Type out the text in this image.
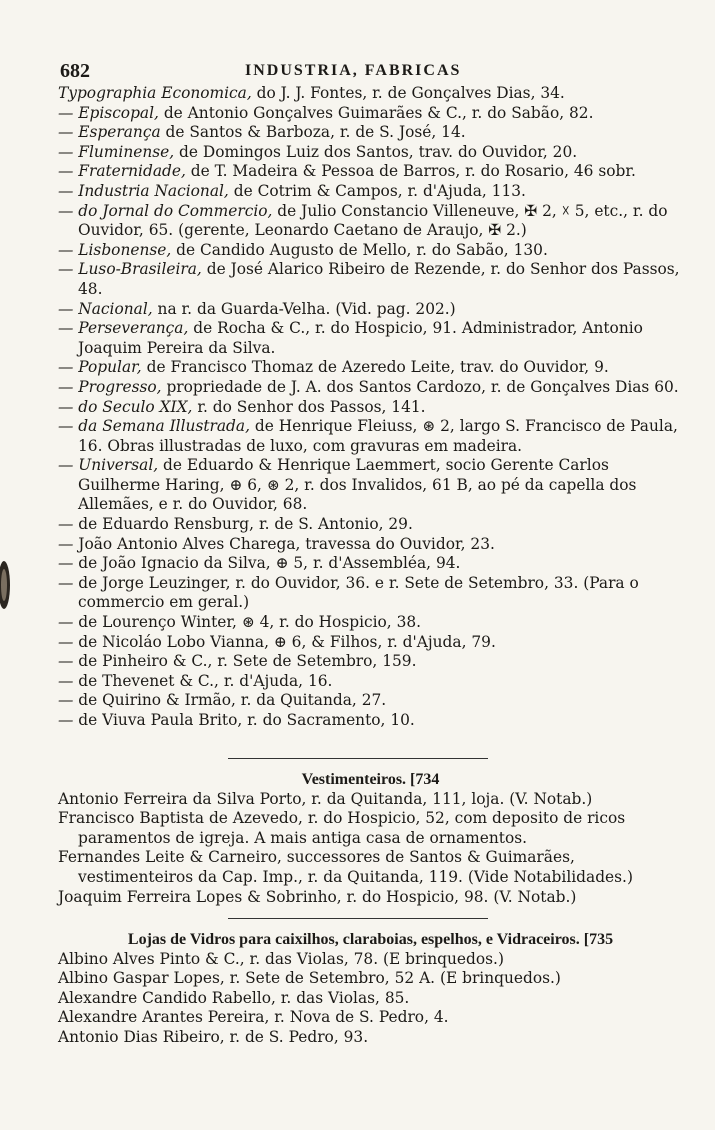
682	INDUSTRIA, FABRICAS
Typographia Economica, do J. J. Fontes, r. de Gonçalves Dias, 34.
— Episcopal, de Antonio Gonçalves Guimarães & C., r. do Sabão, 82.
— Esperança de Santos & Barboza, r. de S. José, 14.
— Fluminense, de Domingos Luiz dos Santos, trav. do Ouvidor, 20.
— Fraternidade, de T. Madeira & Pessoa de Barros, r. do Rosario, 46 sobr.
— Industria Nacional, de Cotrim & Campos, r. d'Ajuda, 113.
— do Jornal do Commercio, de Julio Constancio Villeneuve, ✠ 2, ☓ 5, etc., r. do Ouvidor, 65. (gerente, Leonardo Caetano de Araujo, ✠ 2.)
— Lisbonense, de Candido Augusto de Mello, r. do Sabão, 130.
— Luso-Brasileira, de José Alarico Ribeiro de Rezende, r. do Senhor dos Passos, 48.
— Nacional, na r. da Guarda-Velha. (Vid. pag. 202.)
— Perseverança, de Rocha & C., r. do Hospicio, 91. Administrador, Antonio Joaquim Pereira da Silva.
— Popular, de Francisco Thomaz de Azeredo Leite, trav. do Ouvidor, 9.
— Progresso, propriedade de J. A. dos Santos Cardozo, r. de Gonçalves Dias 60.
— do Seculo XIX, r. do Senhor dos Passos, 141.
— da Semana Illustrada, de Henrique Fleiuss, ⊛ 2, largo S. Francisco de Paula, 16. Obras illustradas de luxo, com gravuras em madeira.
— Universal, de Eduardo & Henrique Laemmert, socio Gerente Carlos Guilherme Haring, ⊕ 6, ⊛ 2, r. dos Invalidos, 61 B, ao pé da capella dos Allemães, e r. do Ouvidor, 68.
— de Eduardo Rensburg, r. de S. Antonio, 29.
— João Antonio Alves Charega, travessa do Ouvidor, 23.
— de João Ignacio da Silva, ⊕ 5, r. d'Assembléa, 94.
— de Jorge Leuzinger, r. do Ouvidor, 36. e r. Sete de Setembro, 33. (Para o commercio em geral.)
— de Lourenço Winter, ⊛ 4, r. do Hospicio, 38.
— de Nicoláo Lobo Vianna, ⊕ 6, & Filhos, r. d'Ajuda, 79.
— de Pinheiro & C., r. Sete de Setembro, 159.
— de Thevenet & C., r. d'Ajuda, 16.
— de Quirino & Irmão, r. da Quitanda, 27.
— de Viuva Paula Brito, r. do Sacramento, 10.
Vestimenteiros. [734
Antonio Ferreira da Silva Porto, r. da Quitanda, 111, loja. (V. Notab.)
Francisco Baptista de Azevedo, r. do Hospicio, 52, com deposito de ricos paramentos de igreja. A mais antiga casa de ornamentos.
Fernandes Leite & Carneiro, successores de Santos & Guimarães, vestimenteiros da Cap. Imp., r. da Quitanda, 119. (Vide Notabilidades.)
Joaquim Ferreira Lopes & Sobrinho, r. do Hospicio, 98. (V. Notab.)
Lojas de Vidros para caixilhos, claraboias, espelhos, e Vidraceiros. [735
Albino Alves Pinto & C., r. das Violas, 78. (E brinquedos.)
Albino Gaspar Lopes, r. Sete de Setembro, 52 A. (E brinquedos.)
Alexandre Candido Rabello, r. das Violas, 85.
Alexandre Arantes Pereira, r. Nova de S. Pedro, 4.
Antonio Dias Ribeiro, r. de S. Pedro, 93.
